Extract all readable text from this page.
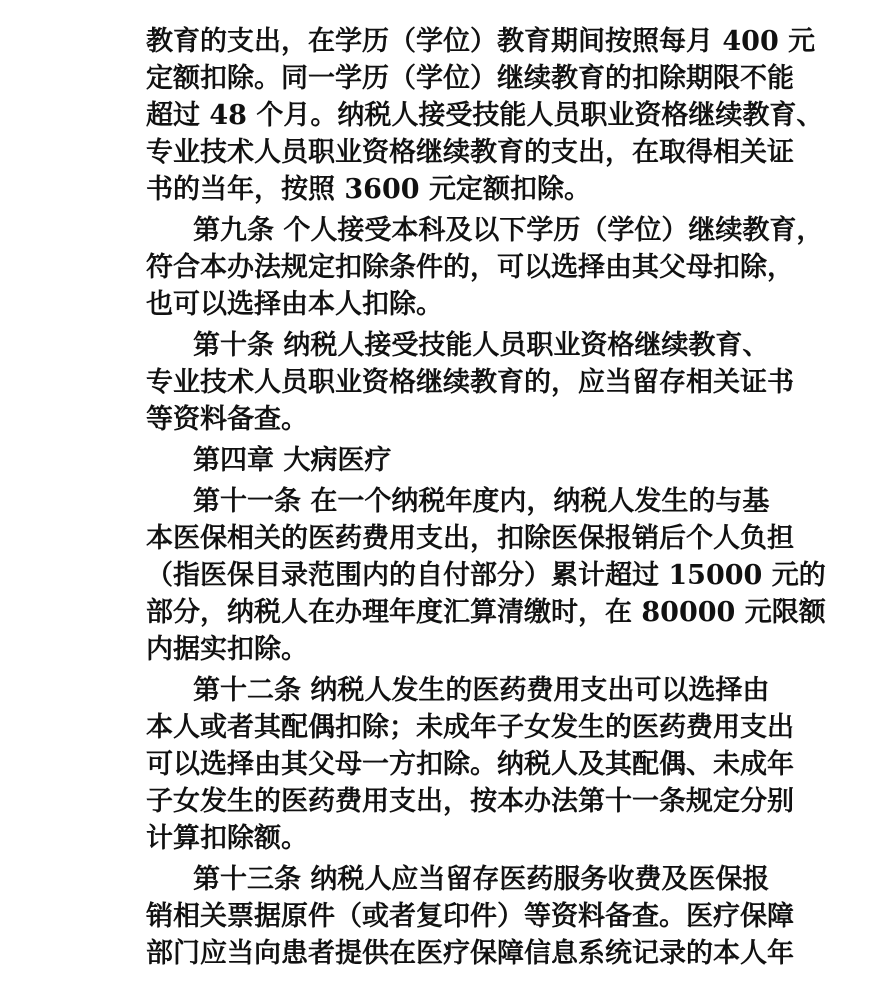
教育的支出，在学历（学位）教育期间按照每月 400 元
定额扣除。同一学历（学位）继续教育的扣除期限不能
超过 48 个月。纳税人接受技能人员职业资格继续教育、
专业技术人员职业资格继续教育的支出，在取得相关证
书的当年，按照 3600 元定额扣除。
第九条 个人接受本科及以下学历（学位）继续教育，
符合本办法规定扣除条件的，可以选择由其父母扣除，
也可以选择由本人扣除。
第十条 纳税人接受技能人员职业资格继续教育、
专业技术人员职业资格继续教育的，应当留存相关证书
等资料备查。
第四章 大病医疗
第十一条 在一个纳税年度内，纳税人发生的与基
本医保相关的医药费用支出，扣除医保报销后个人负担
（指医保目录范围内的自付部分）累计超过 15000 元的
部分，纳税人在办理年度汇算清缴时，在 80000 元限额
内据实扣除。
第十二条 纳税人发生的医药费用支出可以选择由
本人或者其配偶扣除；未成年子女发生的医药费用支出
可以选择由其父母一方扣除。纳税人及其配偶、未成年
子女发生的医药费用支出，按本办法第十一条规定分别
计算扣除额。
第十三条 纳税人应当留存医药服务收费及医保报
销相关票据原件（或者复印件）等资料备查。医疗保障
部门应当向患者提供在医疗保障信息系统记录的本人年
